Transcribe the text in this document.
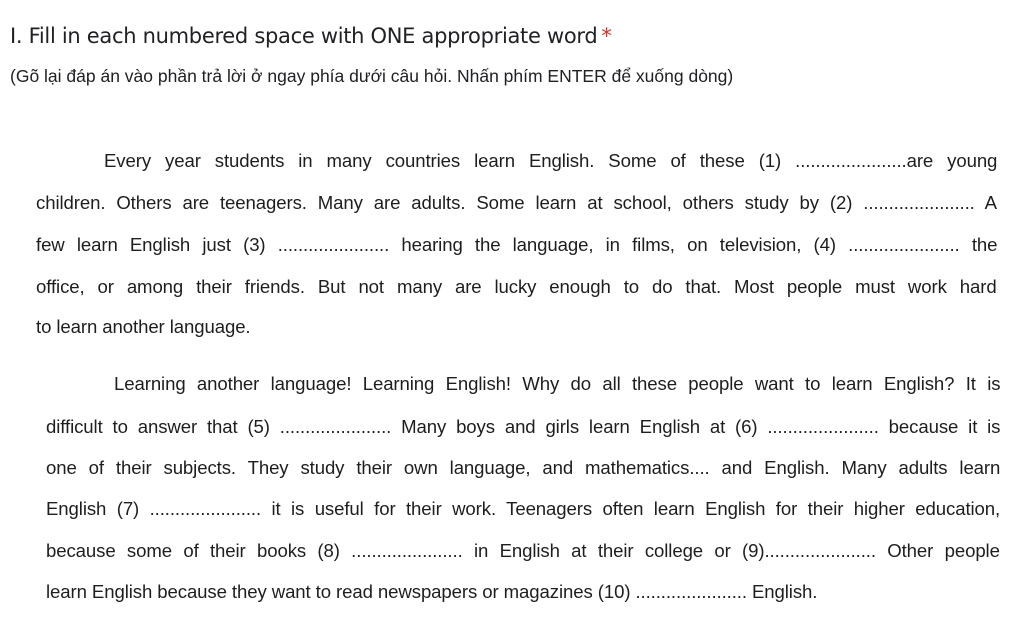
I. Fill in each numbered space with ONE appropriate word *
(Gõ lại đáp án vào phần trả lời ở ngay phía dưới câu hỏi. Nhấn phím ENTER để xuống dòng)
Every year students in many countries learn English. Some of these (1) ......................are young
children. Others are teenagers. Many are adults. Some learn at school, others study by (2) ...................... A
few learn English just (3) ...................... hearing the language, in films, on television, (4) ...................... the
office, or among their friends. But not many are lucky enough to do that. Most people must work hard
to learn another language.
Learning another language! Learning English! Why do all these people want to learn English? It is
difficult to answer that (5) ...................... Many boys and girls learn English at (6) ...................... because it is
one of their subjects. They study their own language, and mathematics.... and English. Many adults learn
English (7) ...................... it is useful for their work. Teenagers often learn English for their higher education,
because some of their books (8) ...................... in English at their college or (9)...................... Other people
learn English because they want to read newspapers or magazines (10) ...................... English.
